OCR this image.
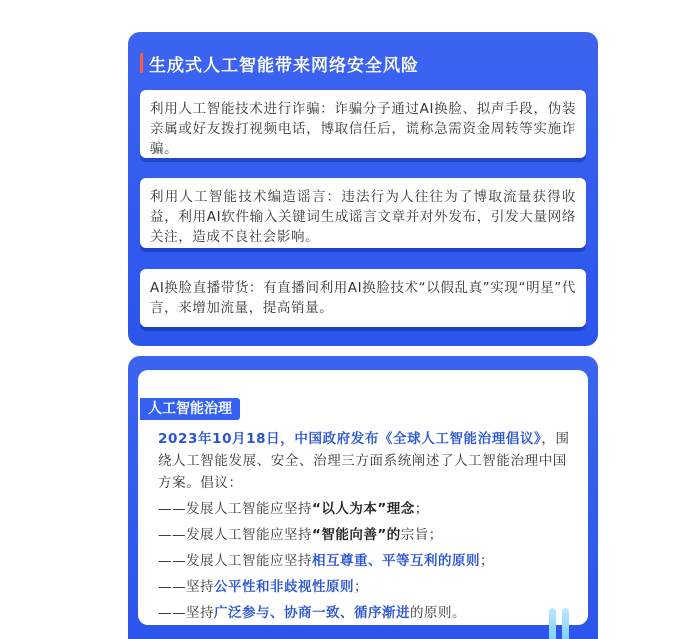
生成式人工智能带来网络安全风险
利用人工智能技术进行诈骗：诈骗分子通过AI换脸、拟声手段，伪装亲属或好友拨打视频电话，博取信任后，谎称急需资金周转等实施诈骗。
利用人工智能技术编造谣言：违法行为人往往为了博取流量获得收益，利用AI软件输入关键词生成谣言文章并对外发布，引发大量网络关注，造成不良社会影响。
AI换脸直播带货：有直播间利用AI换脸技术“以假乱真”实现“明星”代言，来增加流量，提高销量。
人工智能治理
2023年10月18日，中国政府发布《全球人工智能治理倡议》，围绕人工智能发展、安全、治理三方面系统阐述了人工智能治理中国方案。倡议：
——发展人工智能应坚持“以人为本”理念；
——发展人工智能应坚持“智能向善”的宗旨；
——发展人工智能应坚持相互尊重、平等互利的原则；
——坚持公平性和非歧视性原则；
——坚持广泛参与、协商一致、循序渐进的原则。
